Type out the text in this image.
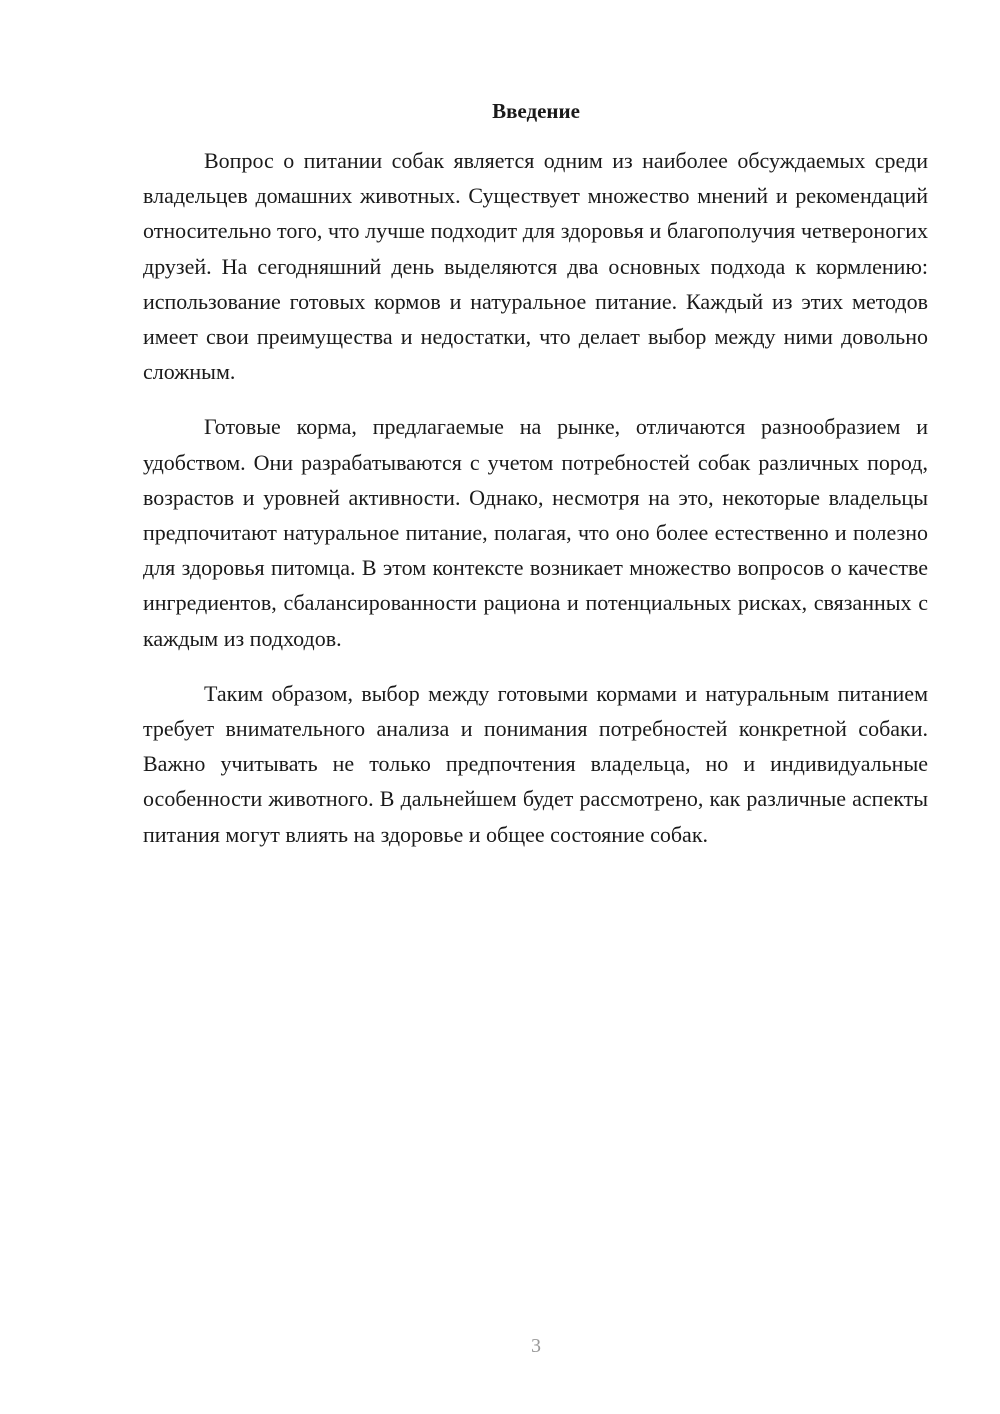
Введение

Вопрос о питании собак является одним из наиболее обсуждаемых среди владельцев домашних животных. Существует множество мнений и рекомендаций относительно того, что лучше подходит для здоровья и благополучия четвероногих друзей. На сегодняшний день выделяются два основных подхода к кормлению: использование готовых кормов и натуральное питание. Каждый из этих методов имеет свои преимущества и недостатки, что делает выбор между ними довольно сложным.

Готовые корма, предлагаемые на рынке, отличаются разнообразием и удобством. Они разрабатываются с учетом потребностей собак различных пород, возрастов и уровней активности. Однако, несмотря на это, некоторые владельцы предпочитают натуральное питание, полагая, что оно более естественно и полезно для здоровья питомца. В этом контексте возникает множество вопросов о качестве ингредиентов, сбалансированности рациона и потенциальных рисках, связанных с каждым из подходов.

Таким образом, выбор между готовыми кормами и натуральным питанием требует внимательного анализа и понимания потребностей конкретной собаки. Важно учитывать не только предпочтения владельца, но и индивидуальные особенности животного. В дальнейшем будет рассмотрено, как различные аспекты питания могут влиять на здоровье и общее состояние собак.

3
